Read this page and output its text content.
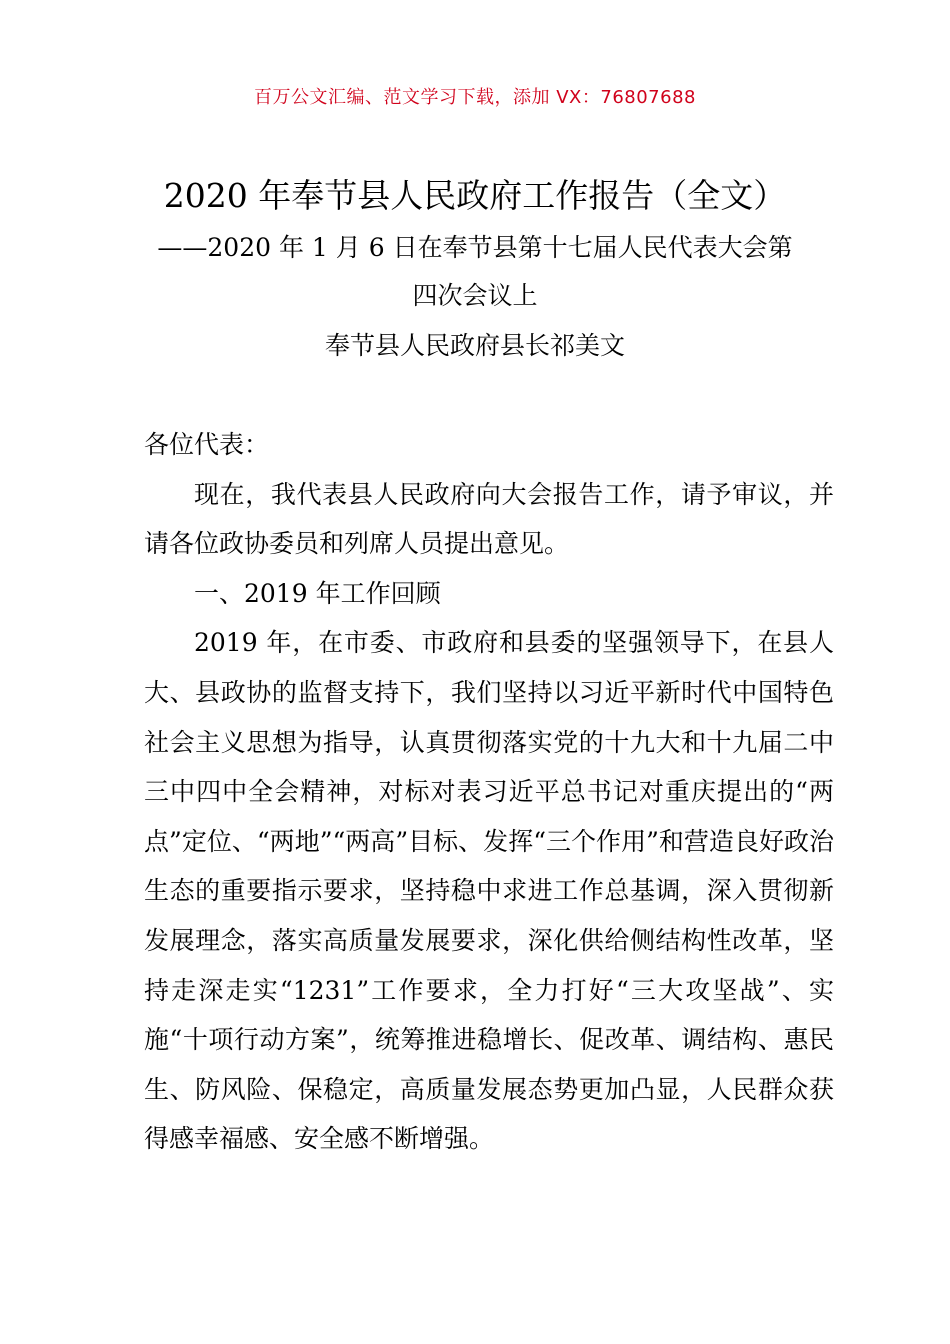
百万公文汇编、范文学习下载，添加 VX：76807688
2020 年奉节县人民政府工作报告（全文）

——2020 年 1 月 6 日在奉节县第十七届人民代表大会第四次会议上

奉节县人民政府县长祁美文

各位代表：

现在，我代表县人民政府向大会报告工作，请予审议，并请各位政协委员和列席人员提出意见。

一、2019 年工作回顾

2019 年，在市委、市政府和县委的坚强领导下，在县人大、县政协的监督支持下，我们坚持以习近平新时代中国特色社会主义思想为指导，认真贯彻落实党的十九大和十九届二中三中四中全会精神，对标对表习近平总书记对重庆提出的“两点”定位、“两地”“两高”目标、发挥“三个作用”和营造良好政治生态的重要指示要求，坚持稳中求进工作总基调，深入贯彻新发展理念，落实高质量发展要求，深化供给侧结构性改革，坚持走深走实“1231”工作要求，全力打好“三大攻坚战”、实施“十项行动方案”，统筹推进稳增长、促改革、调结构、惠民生、防风险、保稳定，高质量发展态势更加凸显，人民群众获得感幸福感、安全感不断增强。
